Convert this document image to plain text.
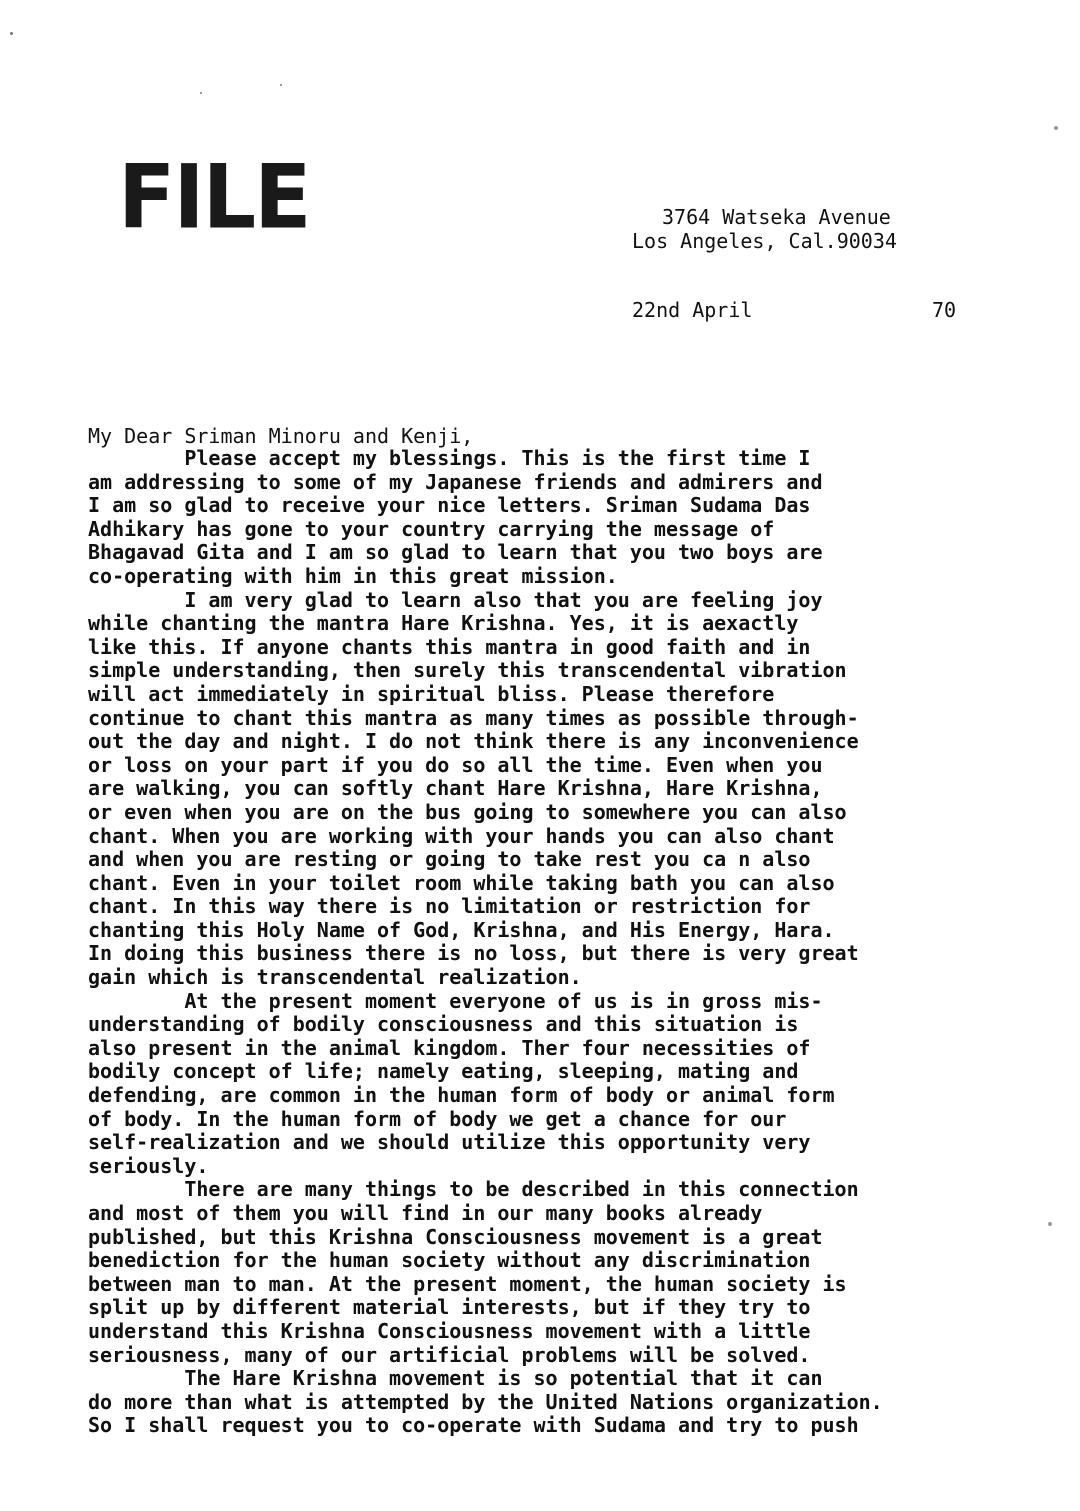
FILE	3764 Watseka Avenue
Los Angeles, Cal.90034
22nd April	70
My Dear Sriman Minoru and Kenji,
Please accept my blessings. This is the first time I
am addressing to some of my Japanese friends and admirers and
I am so glad to receive your nice letters. Sriman Sudama Das
Adhikary has gone to your country carrying the message of
Bhagavad Gita and I am so glad to learn that you two boys are
co-operating with him in this great mission.
I am very glad to learn also that you are feeling joy
while chanting the mantra Hare Krishna. Yes, it is aexactly
like this. If anyone chants this mantra in good faith and in
simple understanding, then surely this transcendental vibration
will act immediately in spiritual bliss. Please therefore
continue to chant this mantra as many times as possible through-
out the day and night. I do not think there is any inconvenience
or loss on your part if you do so all the time. Even when you
are walking, you can softly chant Hare Krishna, Hare Krishna,
or even when you are on the bus going to somewhere you can also
chant. When you are working with your hands you can also chant
and when you are resting or going to take rest you ca n also
chant. Even in your toilet room while taking bath you can also
chant. In this way there is no limitation or restriction for
chanting this Holy Name of God, Krishna, and His Energy, Hara.
In doing this business there is no loss, but there is very great
gain which is transcendental realization.
At the present moment everyone of us is in gross mis-
understanding of bodily consciousness and this situation is
also present in the animal kingdom. Ther four necessities of
bodily concept of life; namely eating, sleeping, mating and
defending, are common in the human form of body or animal form
of body. In the human form of body we get a chance for our
self-realization and we should utilize this opportunity very
seriously.
There are many things to be described in this connection
and most of them you will find in our many books already
published, but this Krishna Consciousness movement is a great
benediction for the human society without any discrimination
between man to man. At the present moment, the human society is
split up by different material interests, but if they try to
understand this Krishna Consciousness movement with a little
seriousness, many of our artificial problems will be solved.
The Hare Krishna movement is so potential that it can
do more than what is attempted by the United Nations organization.
So I shall request you to co-operate with Sudama and try to push
